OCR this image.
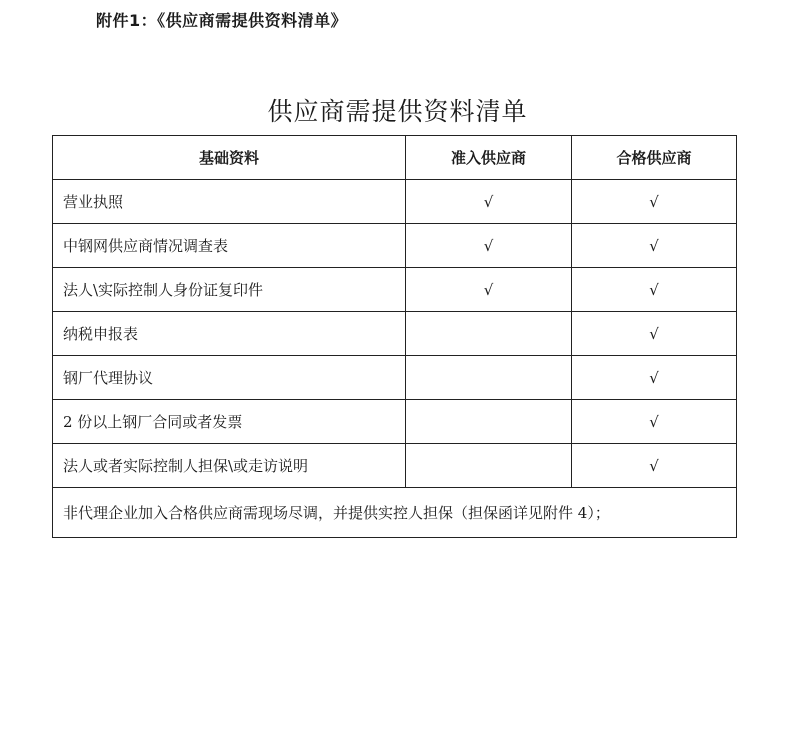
附件1：《供应商需提供资料清单》
供应商需提供资料清单
基础资料	准入供应商	合格供应商
营业执照	√	√
中钢网供应商情况调查表	√	√
法人\实际控制人身份证复印件	√	√
纳税申报表		√
钢厂代理协议		√
2 份以上钢厂合同或者发票		√
法人或者实际控制人担保\或走访说明		√
非代理企业加入合格供应商需现场尽调，并提供实控人担保（担保函详见附件 4）；		
